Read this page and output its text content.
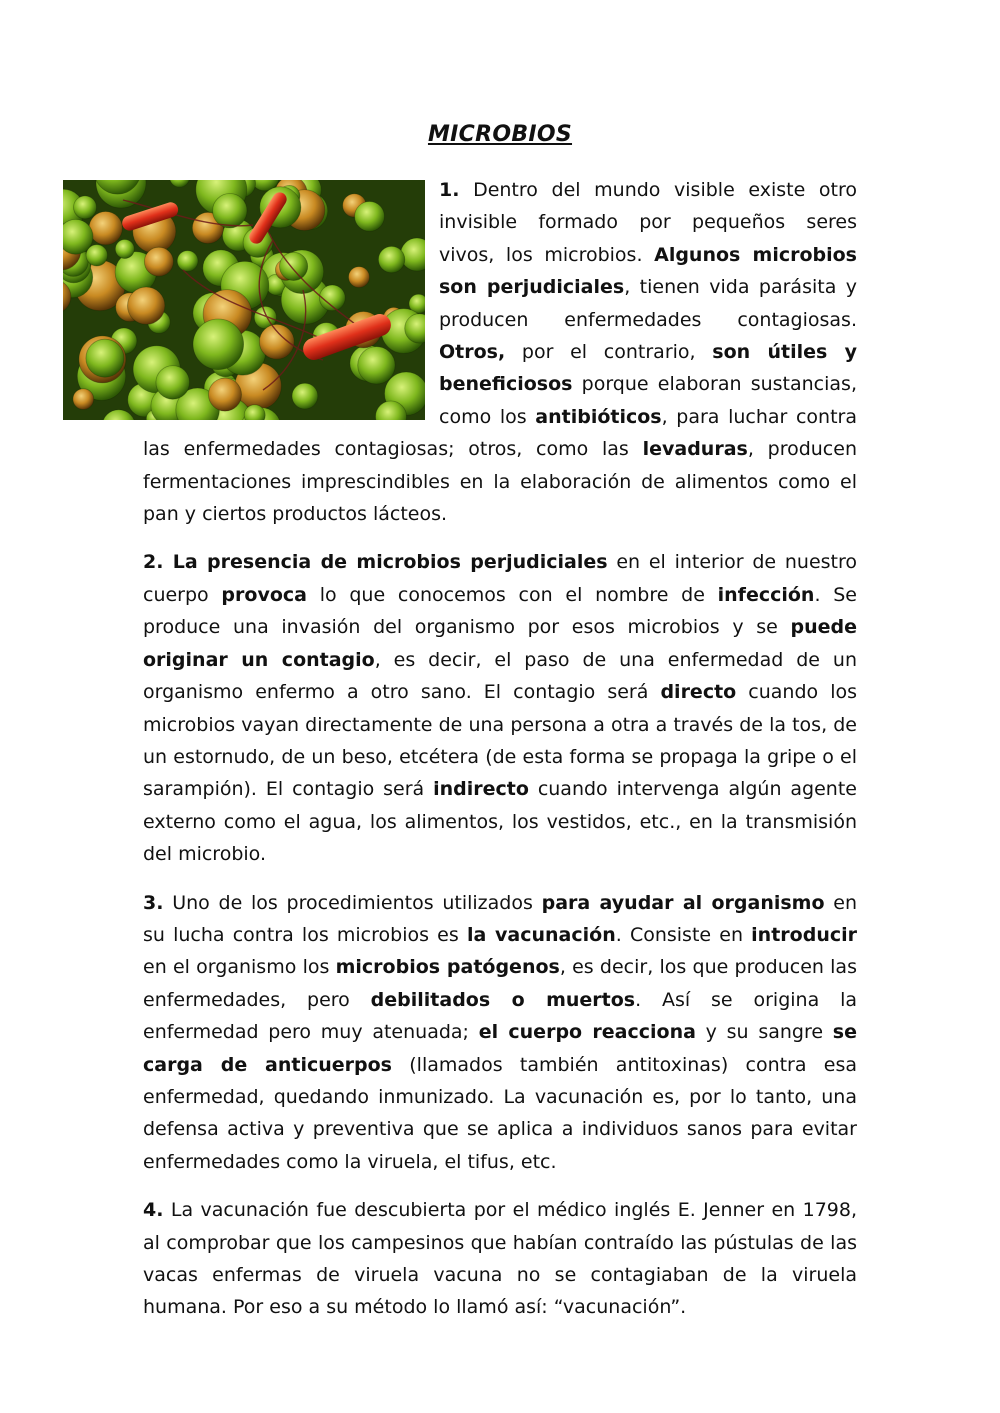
MICROBIOS
1. Dentro del mundo visible existe otro invisible formado por pequeños seres vivos, los microbios. Algunos microbios son perjudiciales, tienen vida parásita y producen enfermedades contagiosas. Otros, por el contrario, son útiles y beneficiosos porque elaboran sustancias, como los antibióticos, para luchar contra las enfermedades contagiosas; otros, como las levaduras, producen fermentaciones imprescindibles en la elaboración de alimentos como el pan y ciertos productos lácteos.

2. La presencia de microbios perjudiciales en el interior de nuestro cuerpo provoca lo que conocemos con el nombre de infección. Se produce una invasión del organismo por esos microbios y se puede originar un contagio, es decir, el paso de una enfermedad de un organismo enfermo a otro sano. El contagio será directo cuando los microbios vayan directamente de una persona a otra a través de la tos, de un estornudo, de un beso, etcétera (de esta forma se propaga la gripe o el sarampión). El contagio será indirecto cuando intervenga algún agente externo como el agua, los alimentos, los vestidos, etc., en la transmisión del microbio.

3. Uno de los procedimientos utilizados para ayudar al organismo en su lucha contra los microbios es la vacunación. Consiste en introducir en el organismo los microbios patógenos, es decir, los que producen las enfermedades, pero debilitados o muertos. Así se origina la enfermedad pero muy atenuada; el cuerpo reacciona y su sangre se carga de anticuerpos (llamados también antitoxinas) contra esa enfermedad, quedando inmunizado. La vacunación es, por lo tanto, una defensa activa y preventiva que se aplica a individuos sanos para evitar enfermedades como la viruela, el tifus, etc.

4. La vacunación fue descubierta por el médico inglés E. Jenner en 1798, al comprobar que los campesinos que habían contraído las pústulas de las vacas enfermas de viruela vacuna no se contagiaban de la viruela humana. Por eso a su método lo llamó así: “vacunación”.
